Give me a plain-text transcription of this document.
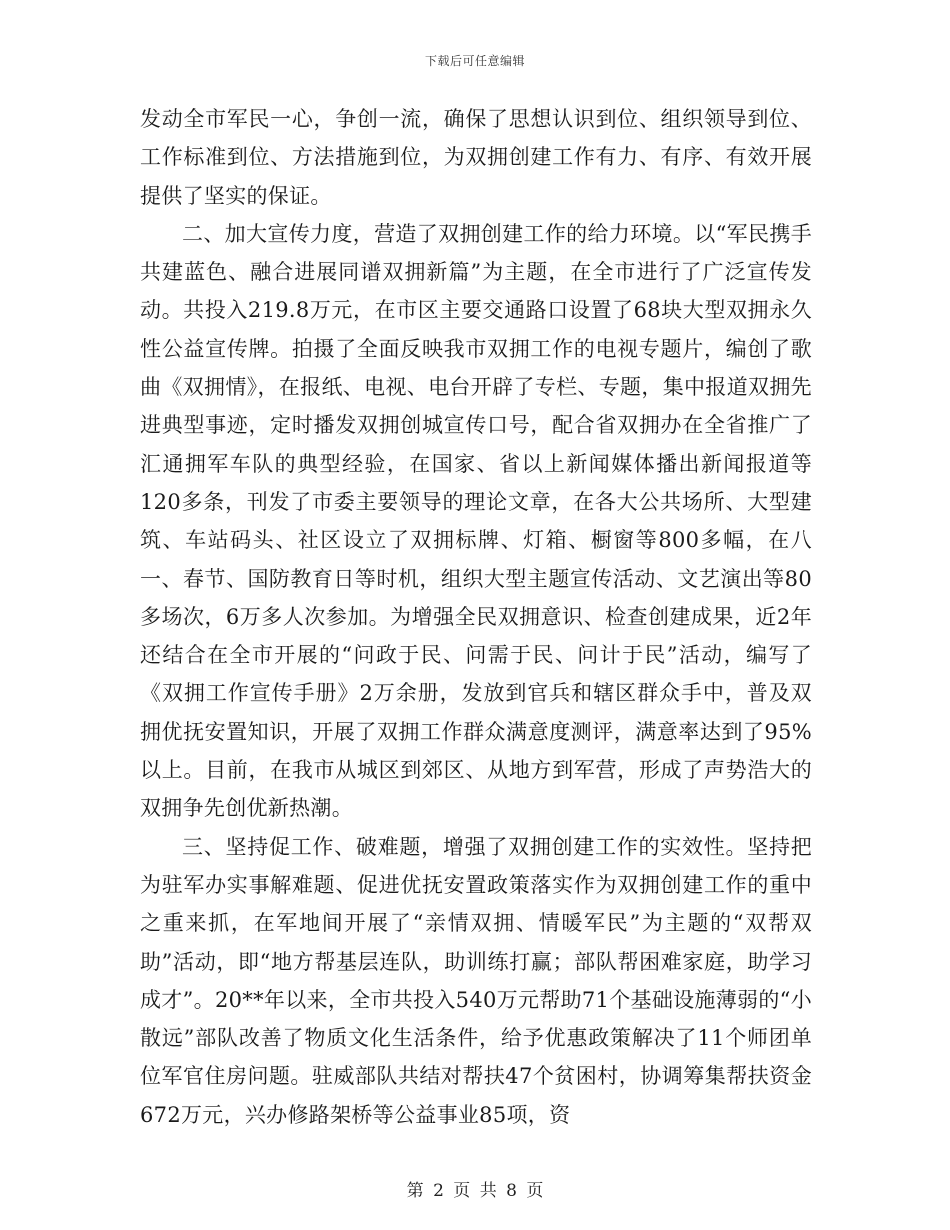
下载后可任意编辑

发动全市军民一心，争创一流，确保了思想认识到位、组织领导到位、工作标准到位、方法措施到位，为双拥创建工作有力、有序、有效开展提供了坚实的保证。

二、加大宣传力度，营造了双拥创建工作的给力环境。以“军民携手共建蓝色、融合进展同谱双拥新篇”为主题，在全市进行了广泛宣传发动。共投入219.8万元，在市区主要交通路口设置了68块大型双拥永久性公益宣传牌。拍摄了全面反映我市双拥工作的电视专题片，编创了歌曲《双拥情》，在报纸、电视、电台开辟了专栏、专题，集中报道双拥先进典型事迹，定时播发双拥创城宣传口号，配合省双拥办在全省推广了汇通拥军车队的典型经验，在国家、省以上新闻媒体播出新闻报道等120多条，刊发了市委主要领导的理论文章，在各大公共场所、大型建筑、车站码头、社区设立了双拥标牌、灯箱、橱窗等800多幅，在八一、春节、国防教育日等时机，组织大型主题宣传活动、文艺演出等80多场次，6万多人次参加。为增强全民双拥意识、检查创建成果，近2年还结合在全市开展的“问政于民、问需于民、问计于民”活动，编写了《双拥工作宣传手册》2万余册，发放到官兵和辖区群众手中，普及双拥优抚安置知识，开展了双拥工作群众满意度测评，满意率达到了95%以上。目前，在我市从城区到郊区、从地方到军营，形成了声势浩大的双拥争先创优新热潮。

三、坚持促工作、破难题，增强了双拥创建工作的实效性。坚持把为驻军办实事解难题、促进优抚安置政策落实作为双拥创建工作的重中之重来抓，在军地间开展了“亲情双拥、情暖军民”为主题的“双帮双助”活动，即“地方帮基层连队，助训练打赢；部队帮困难家庭，助学习成才”。20**年以来，全市共投入540万元帮助71个基础设施薄弱的“小散远”部队改善了物质文化生活条件，给予优惠政策解决了11个师团单位军官住房问题。驻威部队共结对帮扶47个贫困村，协调筹集帮扶资金672万元，兴办修路架桥等公益事业85项，资

第 2 页 共 8 页
